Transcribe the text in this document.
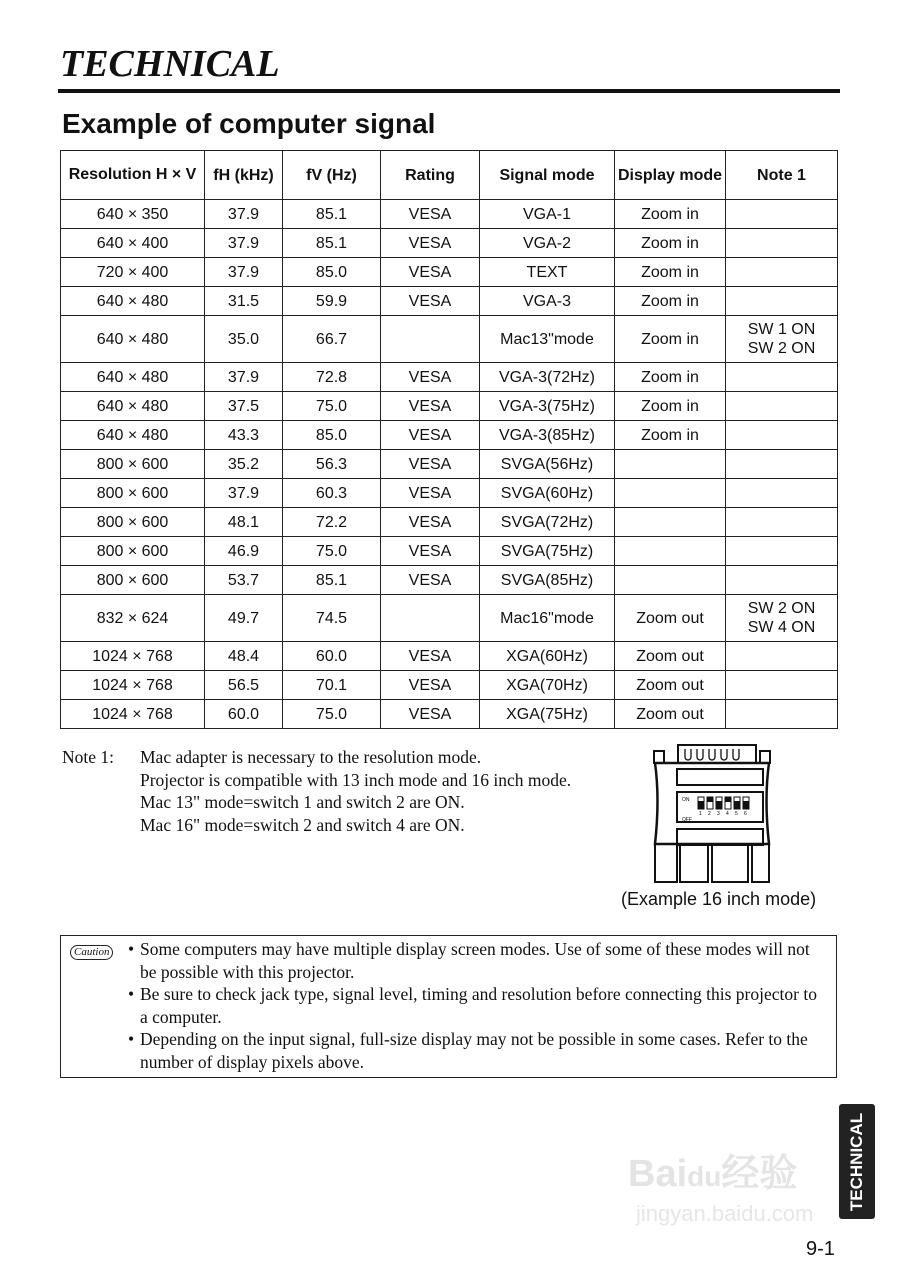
Baidu经验
jingyan.baidu.com
TECHNICAL
Example of computer signal
Resolution H × V	fH (kHz)	fV (Hz)	Rating	Signal mode	Display mode	Note 1
640 × 350	37.9	85.1	VESA	VGA-1	Zoom in	
640 × 400	37.9	85.1	VESA	VGA-2	Zoom in	
720 × 400	37.9	85.0	VESA	TEXT	Zoom in	
640 × 480	31.5	59.9	VESA	VGA-3	Zoom in	
640 × 480	35.0	66.7		Mac13"mode	Zoom in	SW 1 ON
SW 2 ON
640 × 480	37.9	72.8	VESA	VGA-3(72Hz)	Zoom in	
640 × 480	37.5	75.0	VESA	VGA-3(75Hz)	Zoom in	
640 × 480	43.3	85.0	VESA	VGA-3(85Hz)	Zoom in	
800 × 600	35.2	56.3	VESA	SVGA(56Hz)		
800 × 600	37.9	60.3	VESA	SVGA(60Hz)		
800 × 600	48.1	72.2	VESA	SVGA(72Hz)		
800 × 600	46.9	75.0	VESA	SVGA(75Hz)		
800 × 600	53.7	85.1	VESA	SVGA(85Hz)		
832 × 624	49.7	74.5		Mac16"mode	Zoom out	SW 2 ON
SW 4 ON
1024 × 768	48.4	60.0	VESA	XGA(60Hz)	Zoom out	
1024 × 768	56.5	70.1	VESA	XGA(70Hz)	Zoom out	
1024 × 768	60.0	75.0	VESA	XGA(75Hz)	Zoom out	
Note 1: Mac adapter is necessary to the resolution mode.
Projector is compatible with 13 inch mode and 16 inch mode.
Mac 13" mode=switch 1 and switch 2 are ON.
Mac 16" mode=switch 2 and switch 4 are ON.
1 2 3 4 5 6
ON
OFF
(Example 16 inch mode)
Caution	• Some computers may have multiple display screen modes. Use of some of these modes will not be possible with this projector.
• Be sure to check jack type, signal level, timing and resolution before connecting this projector to a computer.
• Depending on the input signal, full-size display may not be possible in some cases. Refer to the number of display pixels above.
TECHNICAL
9-1
